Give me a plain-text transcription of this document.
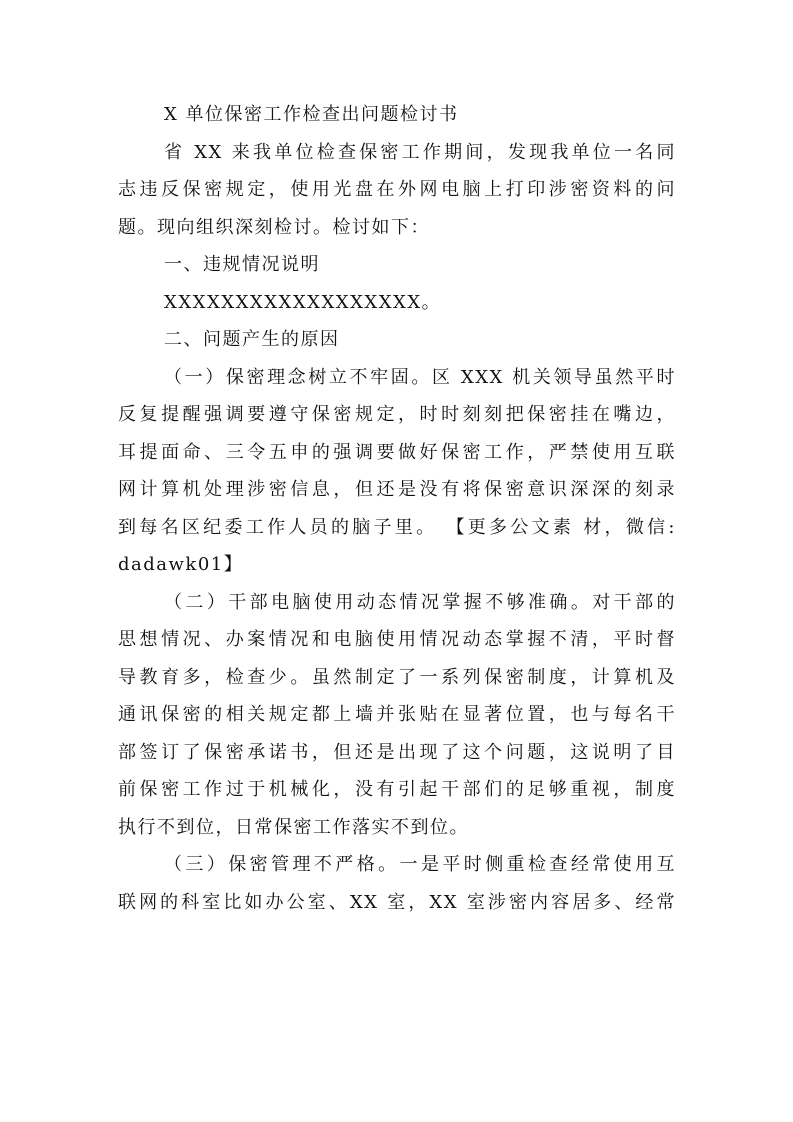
X 单位保密工作检查出问题检讨书
省 XX 来我单位检查保密工作期间，发现我单位一名同
志违反保密规定，使用光盘在外网电脑上打印涉密资料的问
题。现向组织深刻检讨。检讨如下：
一、违规情况说明
XXXXXXXXXXXXXXXXXX。
二、问题产生的原因
（一）保密理念树立不牢固。区 XXX 机关领导虽然平时
反复提醒强调要遵守保密规定，时时刻刻把保密挂在嘴边，
耳提面命、三令五申的强调要做好保密工作，严禁使用互联
网计算机处理涉密信息，但还是没有将保密意识深深的刻录
到每名区纪委工作人员的脑子里。 【更多公文素 材，微信:
dadawk01】
（二）干部电脑使用动态情况掌握不够准确。对干部的
思想情况、办案情况和电脑使用情况动态掌握不清，平时督
导教育多，检查少。虽然制定了一系列保密制度，计算机及
通讯保密的相关规定都上墙并张贴在显著位置，也与每名干
部签订了保密承诺书，但还是出现了这个问题，这说明了目
前保密工作过于机械化，没有引起干部们的足够重视，制度
执行不到位，日常保密工作落实不到位。
（三）保密管理不严格。一是平时侧重检查经常使用互
联网的科室比如办公室、XX 室，XX 室涉密内容居多、经常
